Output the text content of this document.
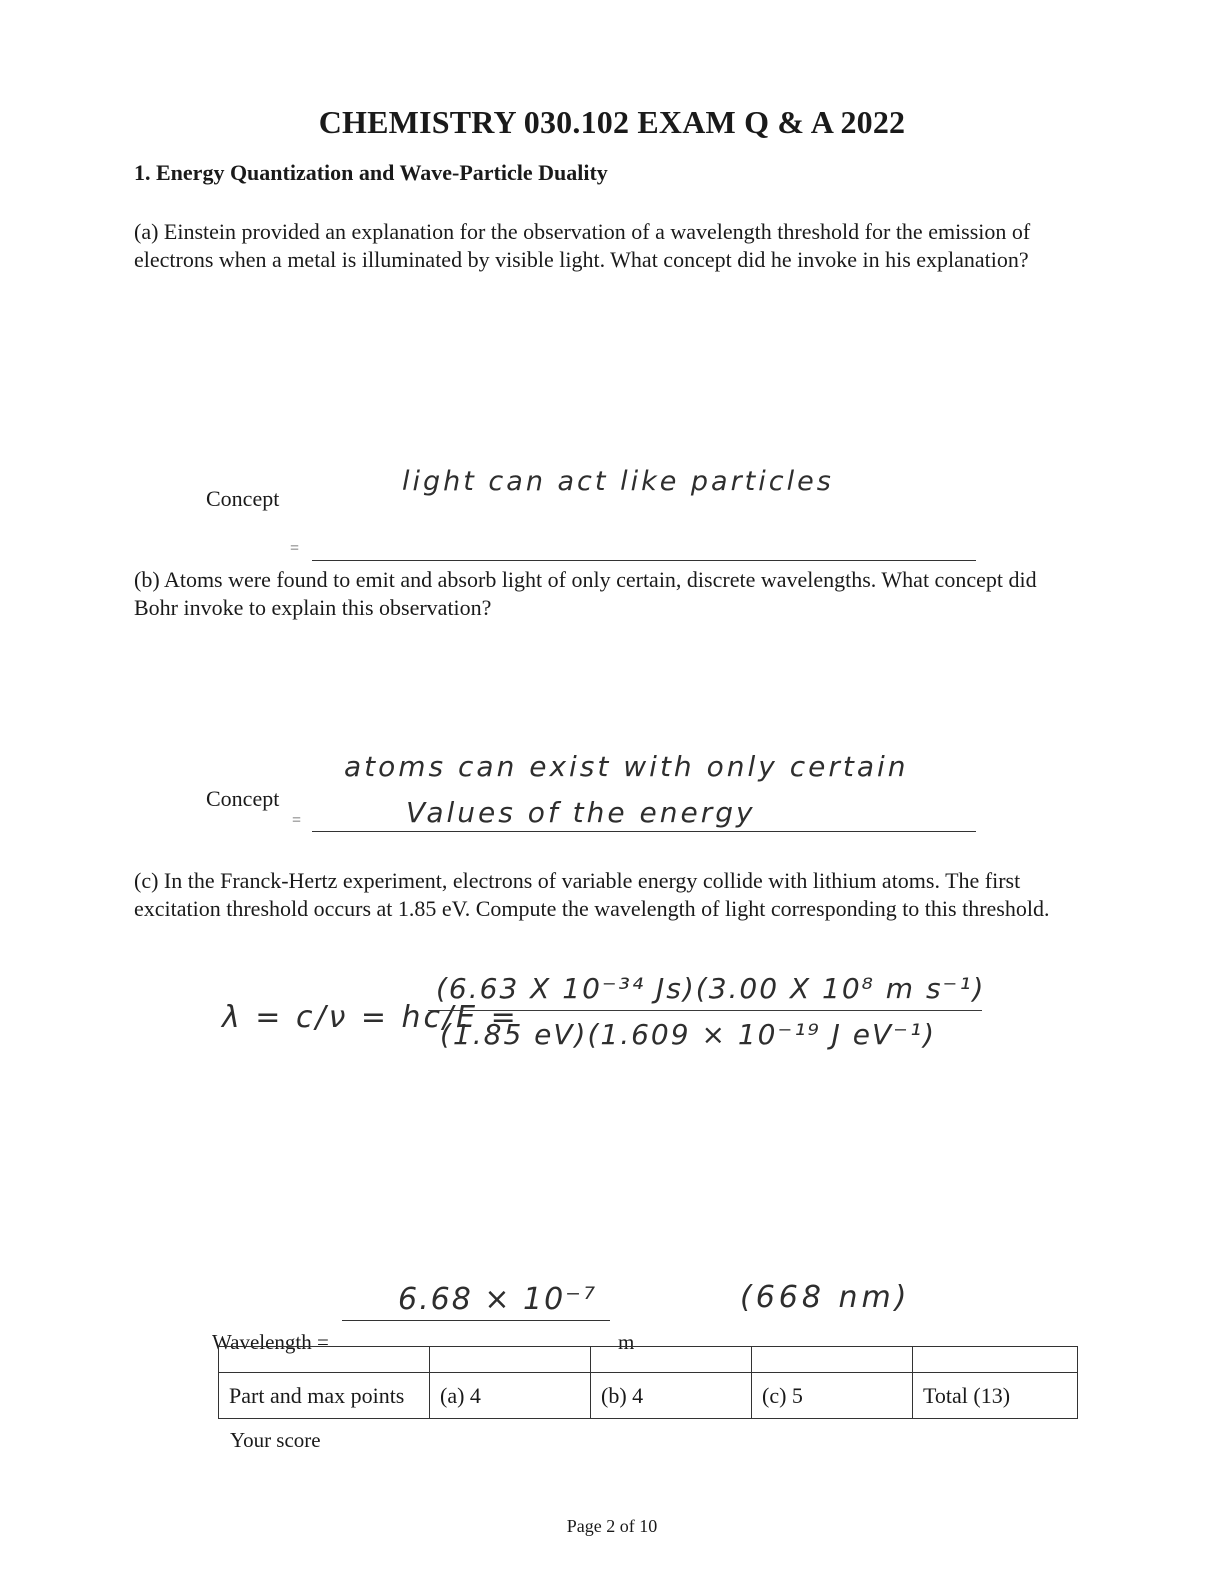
CHEMISTRY 030.102 EXAM Q & A 2022
1. Energy Quantization and Wave-Particle Duality
(a) Einstein provided an explanation for the observation of a wavelength threshold for the emission of electrons when a metal is illuminated by visible light. What concept did he invoke in his explanation?
Concept
light can act like particles
=
(b) Atoms were found to emit and absorb light of only certain, discrete wavelengths. What concept did Bohr invoke to explain this observation?
atoms can exist with only certain
Values of the energy
Concept
=
(c) In the Franck-Hertz experiment, electrons of variable energy collide with lithium atoms. The first excitation threshold occurs at 1.85 eV. Compute the wavelength of light corresponding to this threshold.
λ = c/ν = hc/E =
(6.63 X 10⁻³⁴ Js)(3.00 X 10⁸ m s⁻¹)
(1.85 eV)(1.609 × 10⁻¹⁹ J eV⁻¹)
6.68 × 10⁻⁷	(668 nm)
Wavelength =	m

Part and max points	(a) 4	(b) 4	(c) 5	Total (13)
Your score
Page 2 of 10
